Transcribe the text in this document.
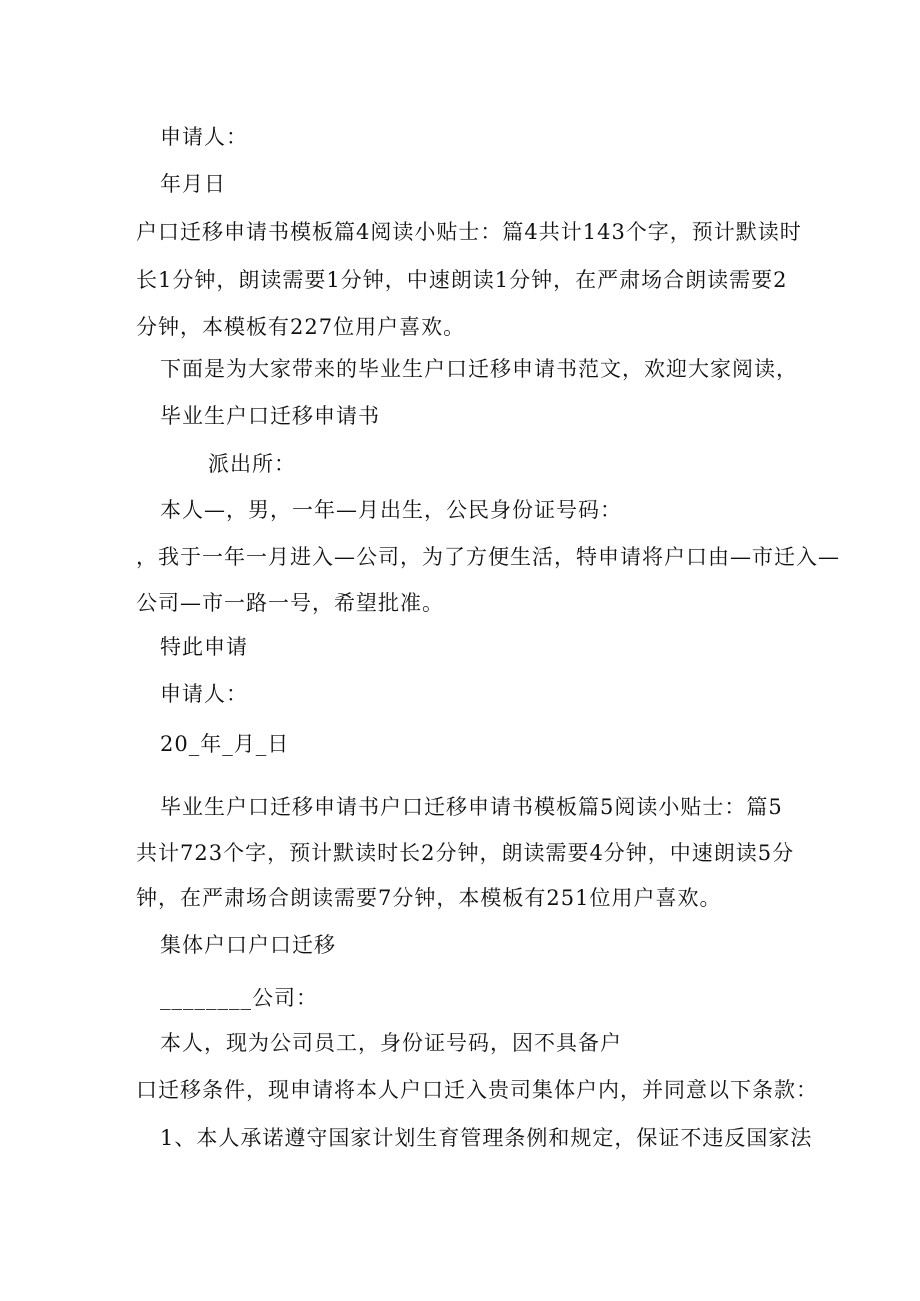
申请人：

年月日

户口迁移申请书模板篇4阅读小贴士：篇4共计143个字，预计默读时

长1分钟，朗读需要1分钟，中速朗读1分钟，在严肃场合朗读需要2

分钟，本模板有227位用户喜欢。

下面是为大家带来的毕业生户口迁移申请书范文，欢迎大家阅读，

毕业生户口迁移申请书

派出所：

本人—，男，一年—月出生，公民身份证号码：

，我于一年一月进入—公司，为了方便生活，特申请将户口由—市迁入—

公司—市一路一号，希望批准。

特此申请

申请人：

20_年_月_日

毕业生户口迁移申请书户口迁移申请书模板篇5阅读小贴士：篇5

共计723个字，预计默读时长2分钟，朗读需要4分钟，中速朗读5分

钟，在严肃场合朗读需要7分钟，本模板有251位用户喜欢。

集体户口户口迁移

________公司：

本人，现为公司员工，身份证号码，因不具备户

口迁移条件，现申请将本人户口迁入贵司集体户内，并同意以下条款：

1、本人承诺遵守国家计划生育管理条例和规定，保证不违反国家法
